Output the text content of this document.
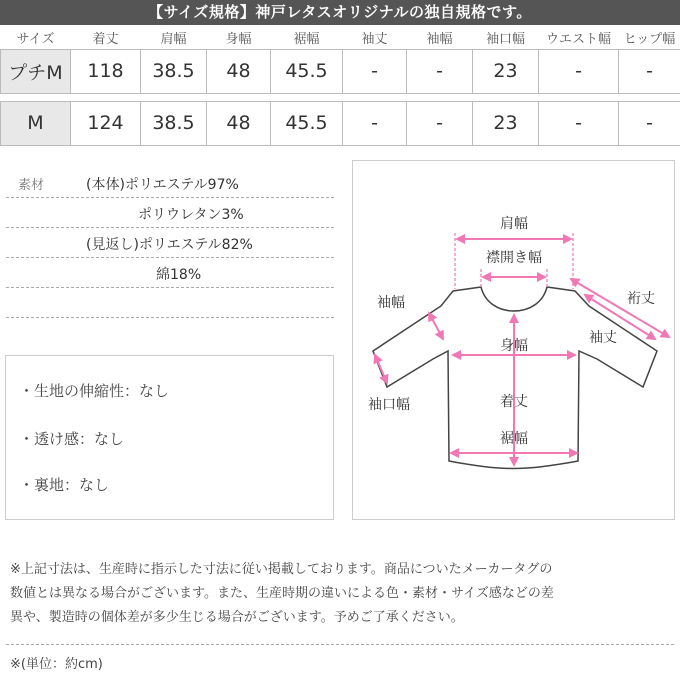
【サイズ規格】神戸レタスオリジナルの独自規格です。
サイズ	着丈	肩幅	身幅	裾幅	袖丈	袖幅	袖口幅	ウエスト幅	ヒップ幅
プチM	118	38.5	48	45.5	-	-	23	-	-

M	124	38.5	48	45.5	-	-	23	-	-
素材	(本体)ポリエステル97%
ポリウレタン3%
(見返し)ポリエステル82%
綿18%
・生地の伸縮性：なし
・透け感：なし
・裏地：なし
肩幅
襟開き幅
袖幅	裄丈
袖丈
身幅
袖口幅	着丈
裾幅
※上記寸法は、生産時に指示した寸法に従い掲載しております。商品についたメーカータグの
数値とは異なる場合がございます。また、生産時期の違いによる色・素材・サイズ感などの差
異や、製造時の個体差が多少生じる場合がございます。予めご了承ください。
※(単位：約cm)
